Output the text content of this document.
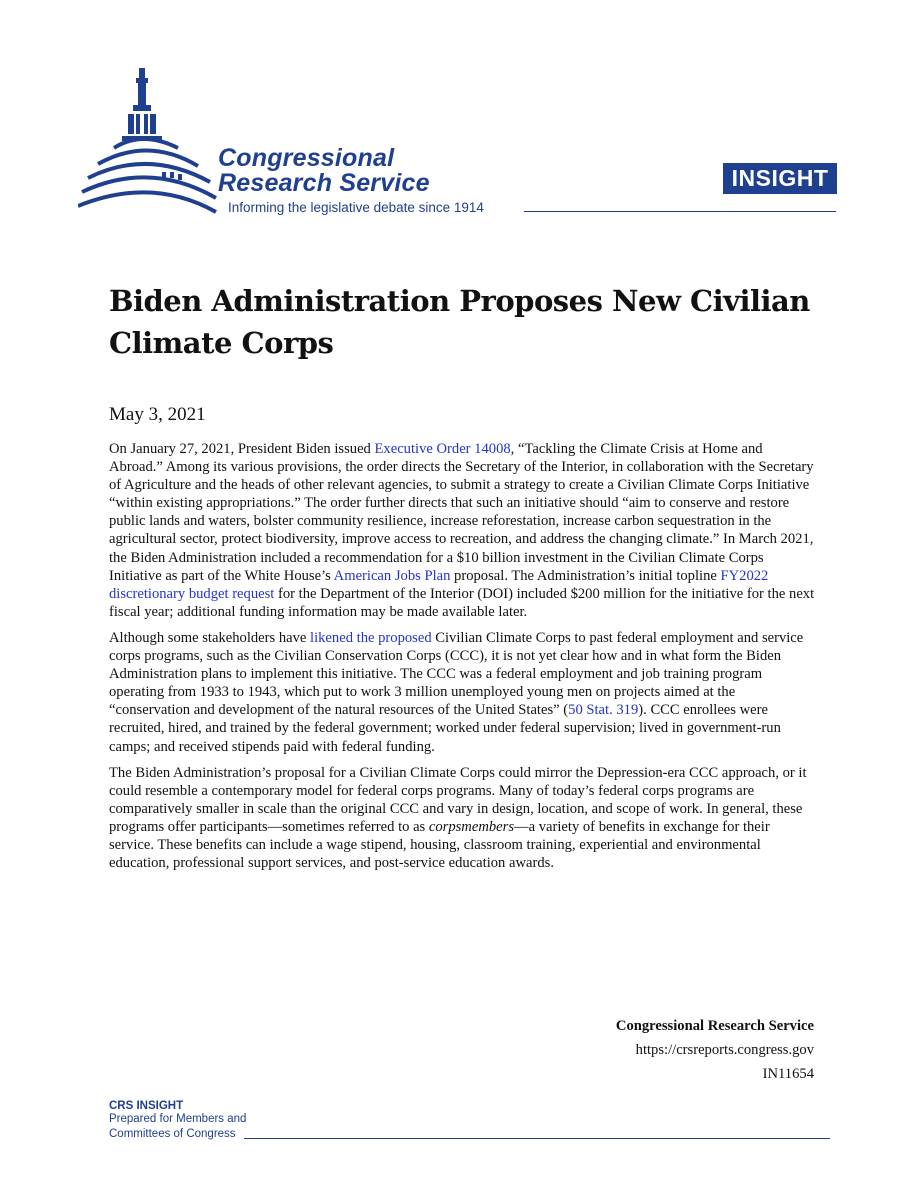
Congressional
Research Service
Informing the legislative debate since 1914
INSIGHT
Biden Administration Proposes New Civilian Climate Corps
May 3, 2021

On January 27, 2021, President Biden issued Executive Order 14008, “Tackling the Climate Crisis at Home and Abroad.” Among its various provisions, the order directs the Secretary of the Interior, in collaboration with the Secretary of Agriculture and the heads of other relevant agencies, to submit a strategy to create a Civilian Climate Corps Initiative “within existing appropriations.” The order further directs that such an initiative should “aim to conserve and restore public lands and waters, bolster community resilience, increase reforestation, increase carbon sequestration in the agricultural sector, protect biodiversity, improve access to recreation, and address the changing climate.” In March 2021, the Biden Administration included a recommendation for a $10 billion investment in the Civilian Climate Corps Initiative as part of the White House’s American Jobs Plan proposal. The Administration’s initial topline FY2022 discretionary budget request for the Department of the Interior (DOI) included $200 million for the initiative for the next fiscal year; additional funding information may be made available later.

Although some stakeholders have likened the proposed Civilian Climate Corps to past federal employment and service corps programs, such as the Civilian Conservation Corps (CCC), it is not yet clear how and in what form the Biden Administration plans to implement this initiative. The CCC was a federal employment and job training program operating from 1933 to 1943, which put to work 3 million unemployed young men on projects aimed at the “conservation and development of the natural resources of the United States” (50 Stat. 319). CCC enrollees were recruited, hired, and trained by the federal government; worked under federal supervision; lived in government-run camps; and received stipends paid with federal funding.

The Biden Administration’s proposal for a Civilian Climate Corps could mirror the Depression-era CCC approach, or it could resemble a contemporary model for federal corps programs. Many of today’s federal corps programs are comparatively smaller in scale than the original CCC and vary in design, location, and scope of work. In general, these programs offer participants—sometimes referred to as corpsmembers—a variety of benefits in exchange for their service. These benefits can include a wage stipend, housing, classroom training, experiential and environmental education, professional support services, and post-service education awards.

Congressional Research Service
https://crsreports.congress.gov
IN11654
CRS INSIGHT
Prepared for Members and
Committees of Congress
